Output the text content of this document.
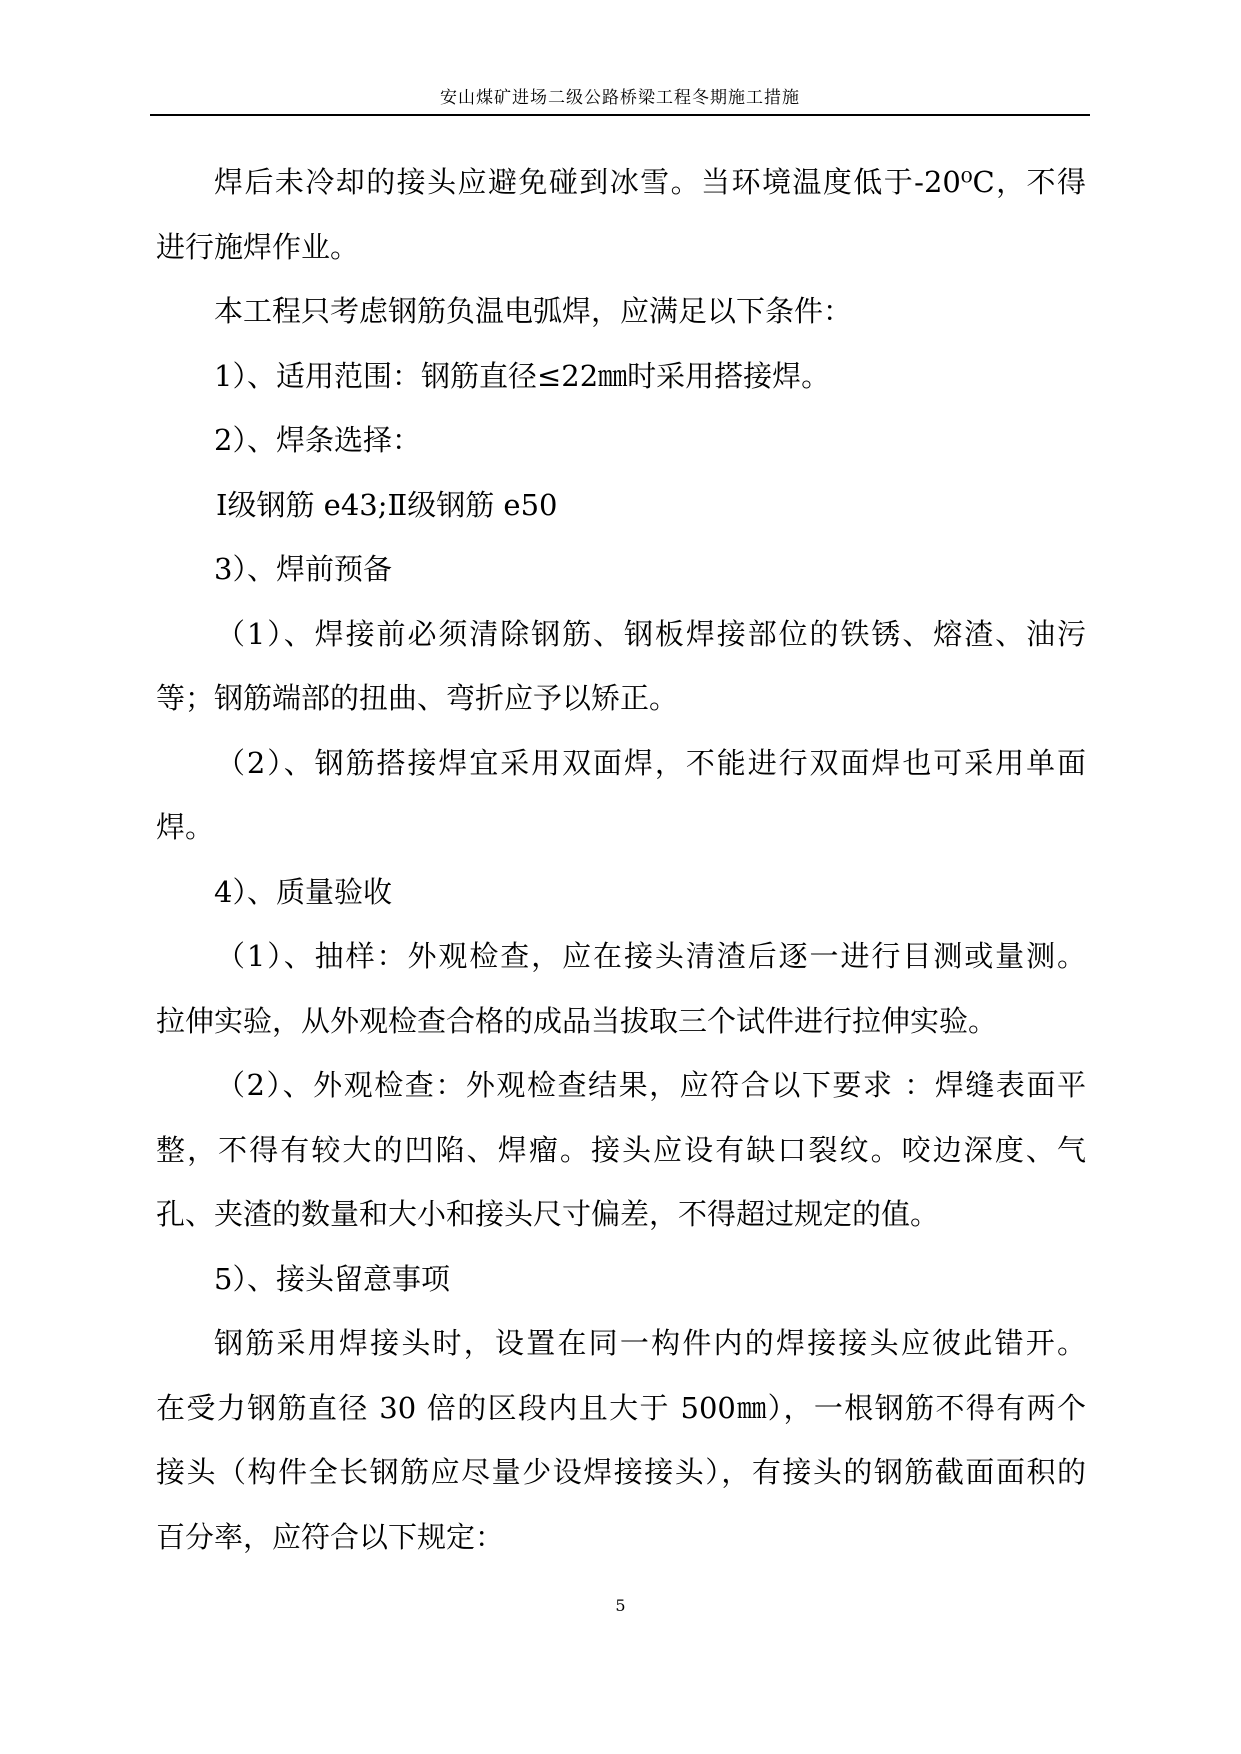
安山煤矿进场二级公路桥梁工程冬期施工措施
焊后未冷却的接头应避免碰到冰雪。当环境温度低于-20⁰C，不得
进行施焊作业。
本工程只考虑钢筋负温电弧焊，应满足以下条件：
1）、适用范围：钢筋直径≤22㎜时采用搭接焊。
2）、焊条选择：
Ⅰ级钢筋 e43;Ⅱ级钢筋 e50
3）、焊前预备
（1）、焊接前必须清除钢筋、钢板焊接部位的铁锈、熔渣、油污
等；钢筋端部的扭曲、弯折应予以矫正。
（2）、钢筋搭接焊宜采用双面焊，不能进行双面焊也可采用单面
焊。
4）、质量验收
（1）、抽样：外观检查，应在接头清渣后逐一进行目测或量测。
拉伸实验，从外观检查合格的成品当拔取三个试件进行拉伸实验。
（2）、外观检查：外观检查结果，应符合以下要求 ：焊缝表面平
整，不得有较大的凹陷、焊瘤。接头应设有缺口裂纹。咬边深度、气
孔、夹渣的数量和大小和接头尺寸偏差，不得超过规定的值。
5）、接头留意事项
钢筋采用焊接头时，设置在同一构件内的焊接接头应彼此错开。
在受力钢筋直径 30 倍的区段内且大于 500㎜），一根钢筋不得有两个
接头（构件全长钢筋应尽量少设焊接接头），有接头的钢筋截面面积的
百分率，应符合以下规定：
5
